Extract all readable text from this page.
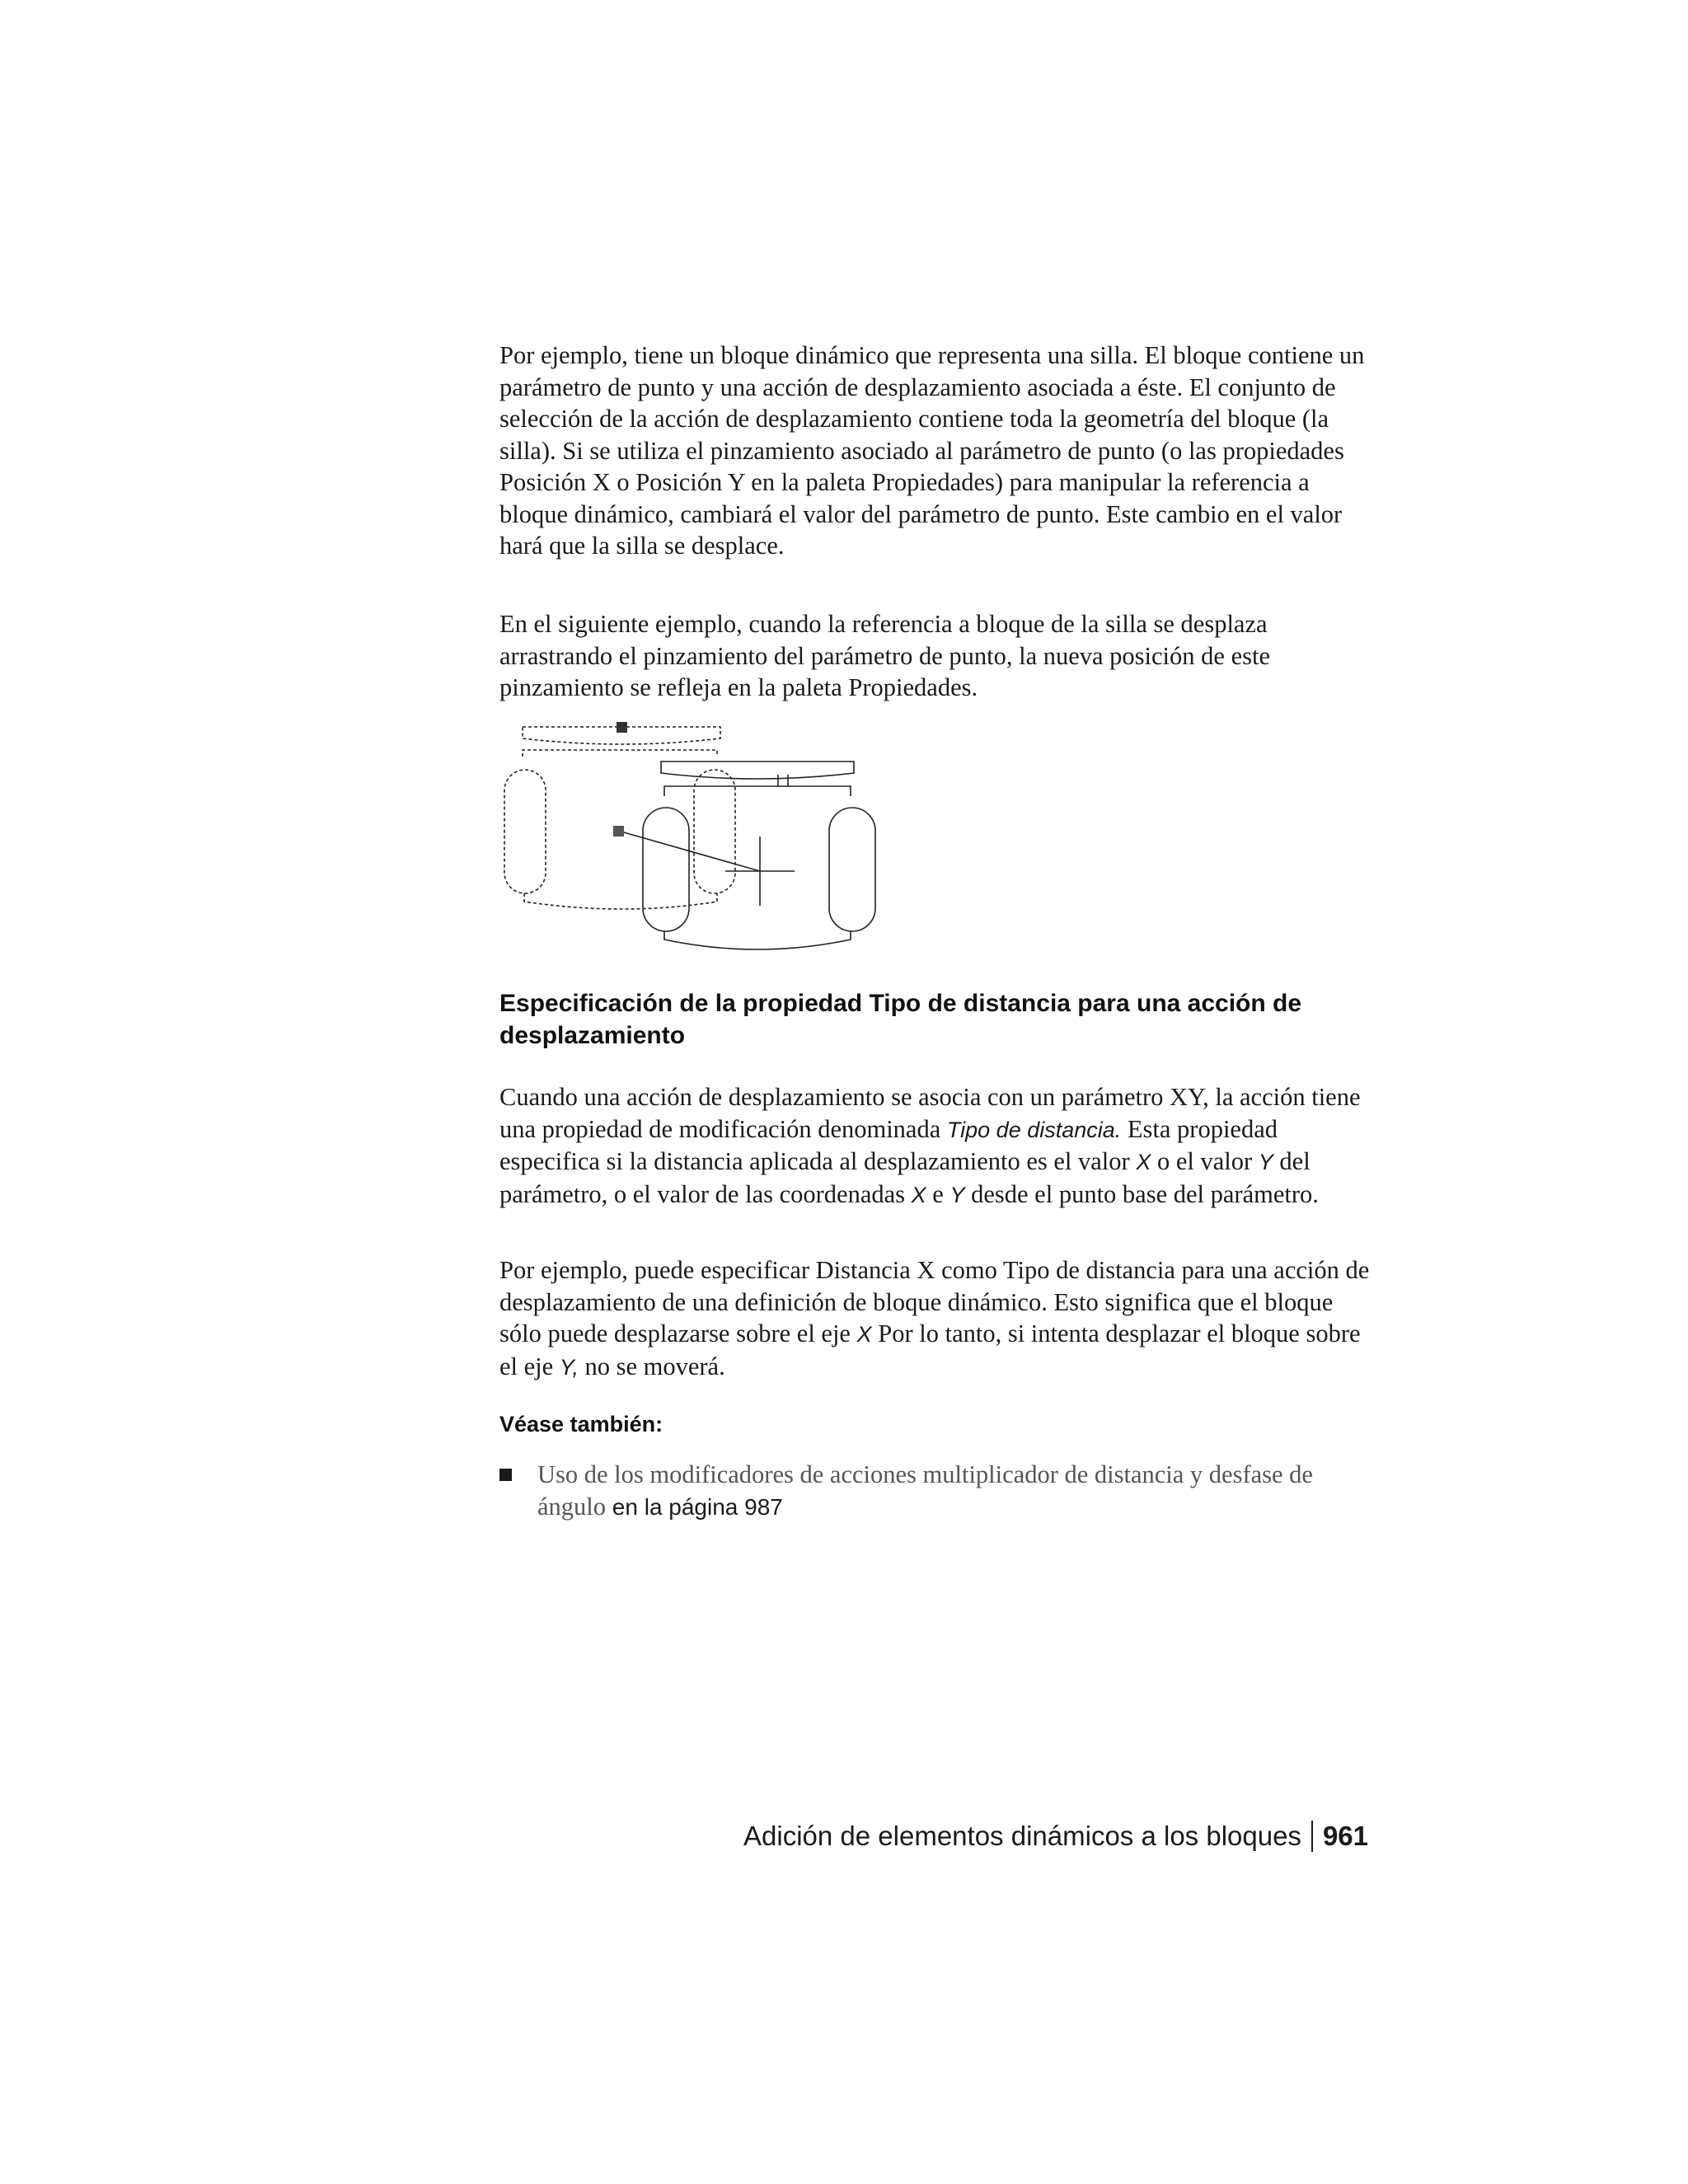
Por ejemplo, tiene un bloque dinámico que representa una silla. El bloque contiene un parámetro de punto y una acción de desplazamiento asociada a éste. El conjunto de selección de la acción de desplazamiento contiene toda la geometría del bloque (la silla). Si se utiliza el pinzamiento asociado al parámetro de punto (o las propiedades Posición X o Posición Y en la paleta Propiedades) para manipular la referencia a bloque dinámico, cambiará el valor del parámetro de punto. Este cambio en el valor hará que la silla se desplace.

En el siguiente ejemplo, cuando la referencia a bloque de la silla se desplaza arrastrando el pinzamiento del parámetro de punto, la nueva posición de este pinzamiento se refleja en la paleta Propiedades.

Especificación de la propiedad Tipo de distancia para una acción de desplazamiento

Cuando una acción de desplazamiento se asocia con un parámetro XY, la acción tiene una propiedad de modificación denominada Tipo de distancia. Esta propiedad especifica si la distancia aplicada al desplazamiento es el valor X o el valor Y del parámetro, o el valor de las coordenadas X e Y desde el punto base del parámetro.

Por ejemplo, puede especificar Distancia X como Tipo de distancia para una acción de desplazamiento de una definición de bloque dinámico. Esto significa que el bloque sólo puede desplazarse sobre el eje X Por lo tanto, si intenta desplazar el bloque sobre el eje Y, no se moverá.

Véase también:

Uso de los modificadores de acciones multiplicador de distancia y desfase de ángulo en la página 987

Adición de elementos dinámicos a los bloques 961
